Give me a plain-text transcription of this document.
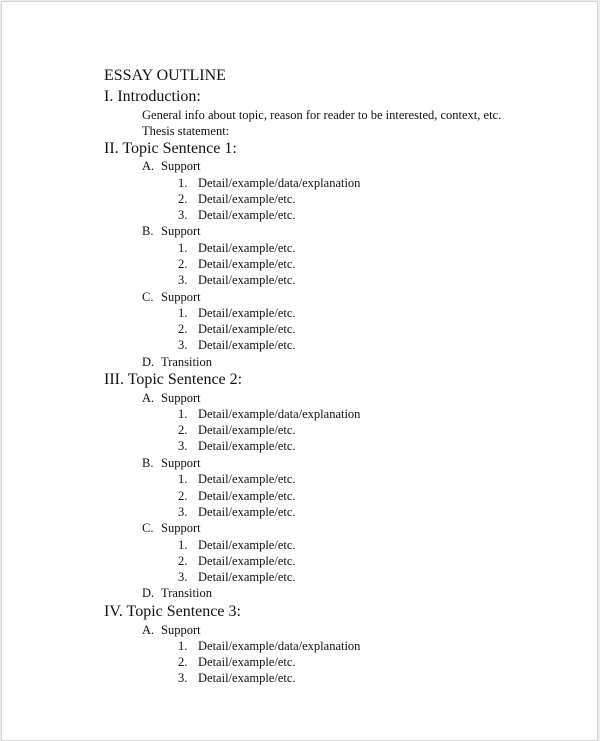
ESSAY OUTLINE
I. Introduction:
General info about topic, reason for reader to be interested, context, etc.
Thesis statement:
II. Topic Sentence 1:
A. Support
1. Detail/example/data/explanation
2. Detail/example/etc.
3. Detail/example/etc.
B. Support
1. Detail/example/etc.
2. Detail/example/etc.
3. Detail/example/etc.
C. Support
1. Detail/example/etc.
2. Detail/example/etc.
3. Detail/example/etc.
D. Transition
III. Topic Sentence 2:
A. Support
1. Detail/example/data/explanation
2. Detail/example/etc.
3. Detail/example/etc.
B. Support
1. Detail/example/etc.
2. Detail/example/etc.
3. Detail/example/etc.
C. Support
1. Detail/example/etc.
2. Detail/example/etc.
3. Detail/example/etc.
D. Transition
IV. Topic Sentence 3:
A. Support
1. Detail/example/data/explanation
2. Detail/example/etc.
3. Detail/example/etc.
